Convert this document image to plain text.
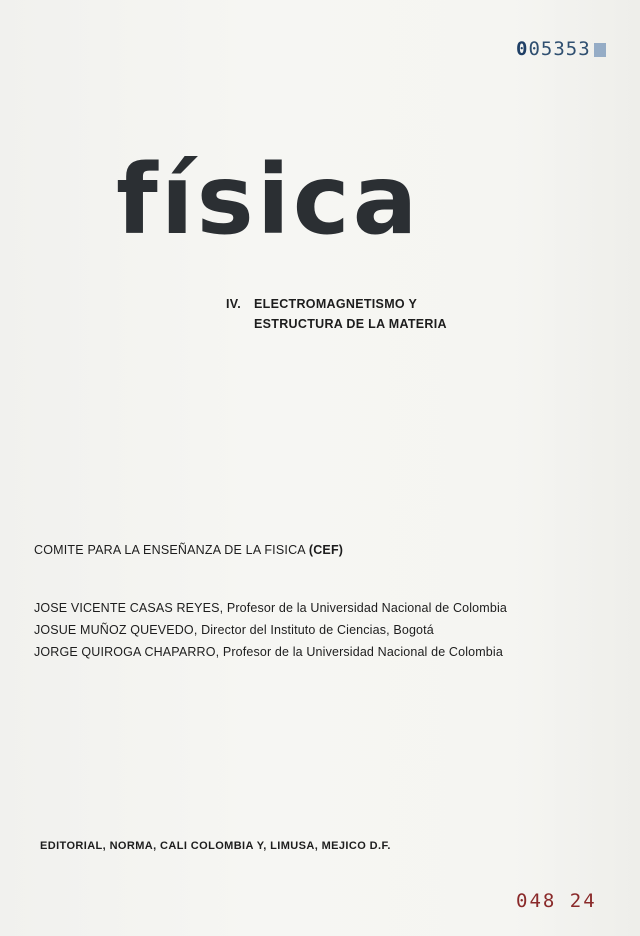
005353
física
IV. ELECTROMAGNETISMO Y
ESTRUCTURA DE LA MATERIA
COMITE PARA LA ENSEÑANZA DE LA FISICA (CEF)
JOSE VICENTE CASAS REYES, Profesor de la Universidad Nacional de Colombia
JOSUE MUÑOZ QUEVEDO, Director del Instituto de Ciencias, Bogotá
JORGE QUIROGA CHAPARRO, Profesor de la Universidad Nacional de Colombia
EDITORIAL, NORMA, CALI COLOMBIA Y, LIMUSA, MEJICO D.F.
048 24
